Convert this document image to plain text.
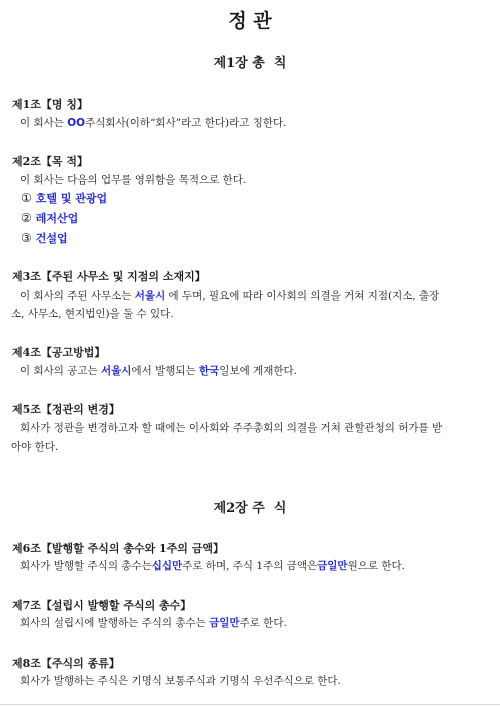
정 관
제1장 총  칙
제1조【명 칭】
이 회사는 OO주식회사(이하“회사”라고 한다)라고 칭한다.
제2조【목 적】
이 회사는 다음의 업무를 영위함을 목적으로 한다.
① 호텔 및 관광업
② 레저산업
③ 건설업
제3조【주된 사무소 및 지점의 소재지】
이 회사의 주된 사무소는 서울시 에 두며, 필요에 따라 이사회의 의결을 거쳐 지점(지소, 출장
소, 사무소, 현지법인)을 둘 수 있다.
제4조【공고방법】
이 회사의 공고는 서울시에서 발행되는 한국일보에 게재한다.
제5조【정관의 변경】
회사가 정관을 변경하고자 할 때에는 이사회와 주주총회의 의결을 거쳐 관할관청의 허가를 받
아야 한다.
제2장 주  식
제6조【발행할 주식의 총수와 1주의 금액】
회사가 발행할 주식의 총수는십십만주로 하며, 주식 1주의 금액은금일만원으로 한다.
제7조【설립시 발행할 주식의 총수】
회사의 설립시에 발행하는 주식의 총수는 금일만주로 한다.
제8조【주식의 종류】
회사가 발행하는 주식은 기명식 보통주식과 기명식 우선주식으로 한다.
